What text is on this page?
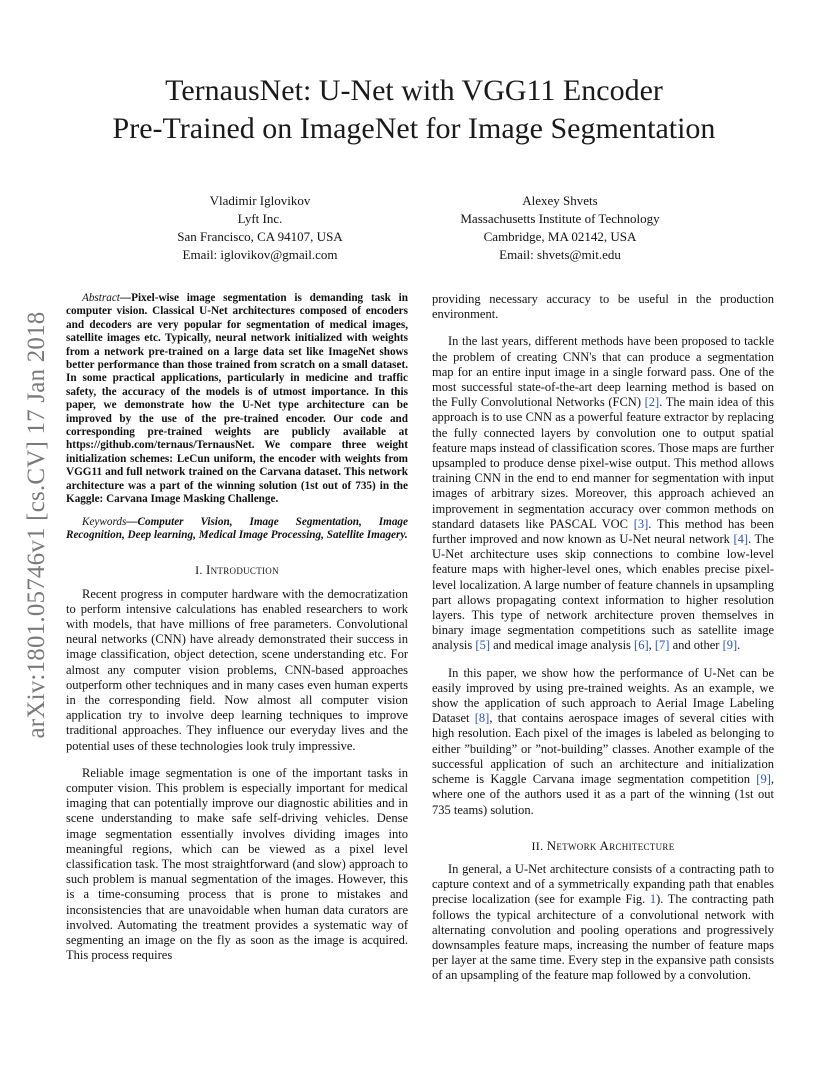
TernausNet: U-Net with VGG11 Encoder
Pre-Trained on ImageNet for Image Segmentation
Vladimir Iglovikov
Lyft Inc.
San Francisco, CA 94107, USA
Email: iglovikov@gmail.com
Alexey Shvets
Massachusetts Institute of Technology
Cambridge, MA 02142, USA
Email: shvets@mit.edu
arXiv:1801.05746v1 [cs.CV] 17 Jan 2018

Abstract—Pixel-wise image segmentation is demanding task in computer vision. Classical U-Net architectures composed of encoders and decoders are very popular for segmentation of medical images, satellite images etc. Typically, neural network initialized with weights from a network pre-trained on a large data set like ImageNet shows better performance than those trained from scratch on a small dataset. In some practical applications, particularly in medicine and traffic safety, the accuracy of the models is of utmost importance. In this paper, we demonstrate how the U-Net type architecture can be improved by the use of the pre-trained encoder. Our code and corresponding pre-trained weights are publicly available at https://github.com/ternaus/TernausNet. We compare three weight initialization schemes: LeCun uniform, the encoder with weights from VGG11 and full network trained on the Carvana dataset. This network architecture was a part of the winning solution (1st out of 735) in the Kaggle: Carvana Image Masking Challenge.

Keywords—Computer Vision, Image Segmentation, Image Recognition, Deep learning, Medical Image Processing, Satellite Imagery.

I. Introduction

Recent progress in computer hardware with the democratization to perform intensive calculations has enabled researchers to work with models, that have millions of free parameters. Convolutional neural networks (CNN) have already demonstrated their success in image classification, object detection, scene understanding etc. For almost any computer vision problems, CNN-based approaches outperform other techniques and in many cases even human experts in the corresponding field. Now almost all computer vision application try to involve deep learning techniques to improve traditional approaches. They influence our everyday lives and the potential uses of these technologies look truly impressive.

Reliable image segmentation is one of the important tasks in computer vision. This problem is especially important for medical imaging that can potentially improve our diagnostic abilities and in scene understanding to make safe self-driving vehicles. Dense image segmentation essentially involves dividing images into meaningful regions, which can be viewed as a pixel level classification task. The most straightforward (and slow) approach to such problem is manual segmentation of the images. However, this is a time-consuming process that is prone to mistakes and inconsistencies that are unavoidable when human data curators are involved. Automating the treatment provides a systematic way of segmenting an image on the fly as soon as the image is acquired. This process requires

providing necessary accuracy to be useful in the production environment.

In the last years, different methods have been proposed to tackle the problem of creating CNN's that can produce a segmentation map for an entire input image in a single forward pass. One of the most successful state-of-the-art deep learning method is based on the Fully Convolutional Networks (FCN) [2]. The main idea of this approach is to use CNN as a powerful feature extractor by replacing the fully connected layers by convolution one to output spatial feature maps instead of classification scores. Those maps are further upsampled to produce dense pixel-wise output. This method allows training CNN in the end to end manner for segmentation with input images of arbitrary sizes. Moreover, this approach achieved an improvement in segmentation accuracy over common methods on standard datasets like PASCAL VOC [3]. This method has been further improved and now known as U-Net neural network [4]. The U-Net architecture uses skip connections to combine low-level feature maps with higher-level ones, which enables precise pixel-level localization. A large number of feature channels in upsampling part allows propagating context information to higher resolution layers. This type of network architecture proven themselves in binary image segmentation competitions such as satellite image analysis [5] and medical image analysis [6], [7] and other [9].

In this paper, we show how the performance of U-Net can be easily improved by using pre-trained weights. As an example, we show the application of such approach to Aerial Image Labeling Dataset [8], that contains aerospace images of several cities with high resolution. Each pixel of the images is labeled as belonging to either ”building” or ”not-building” classes. Another example of the successful application of such an architecture and initialization scheme is Kaggle Carvana image segmentation competition [9], where one of the authors used it as a part of the winning (1st out 735 teams) solution.

II. Network Architecture

In general, a U-Net architecture consists of a contracting path to capture context and of a symmetrically expanding path that enables precise localization (see for example Fig. 1). The contracting path follows the typical architecture of a convolutional network with alternating convolution and pooling operations and progressively downsamples feature maps, increasing the number of feature maps per layer at the same time. Every step in the expansive path consists of an upsampling of the feature map followed by a convolution.
